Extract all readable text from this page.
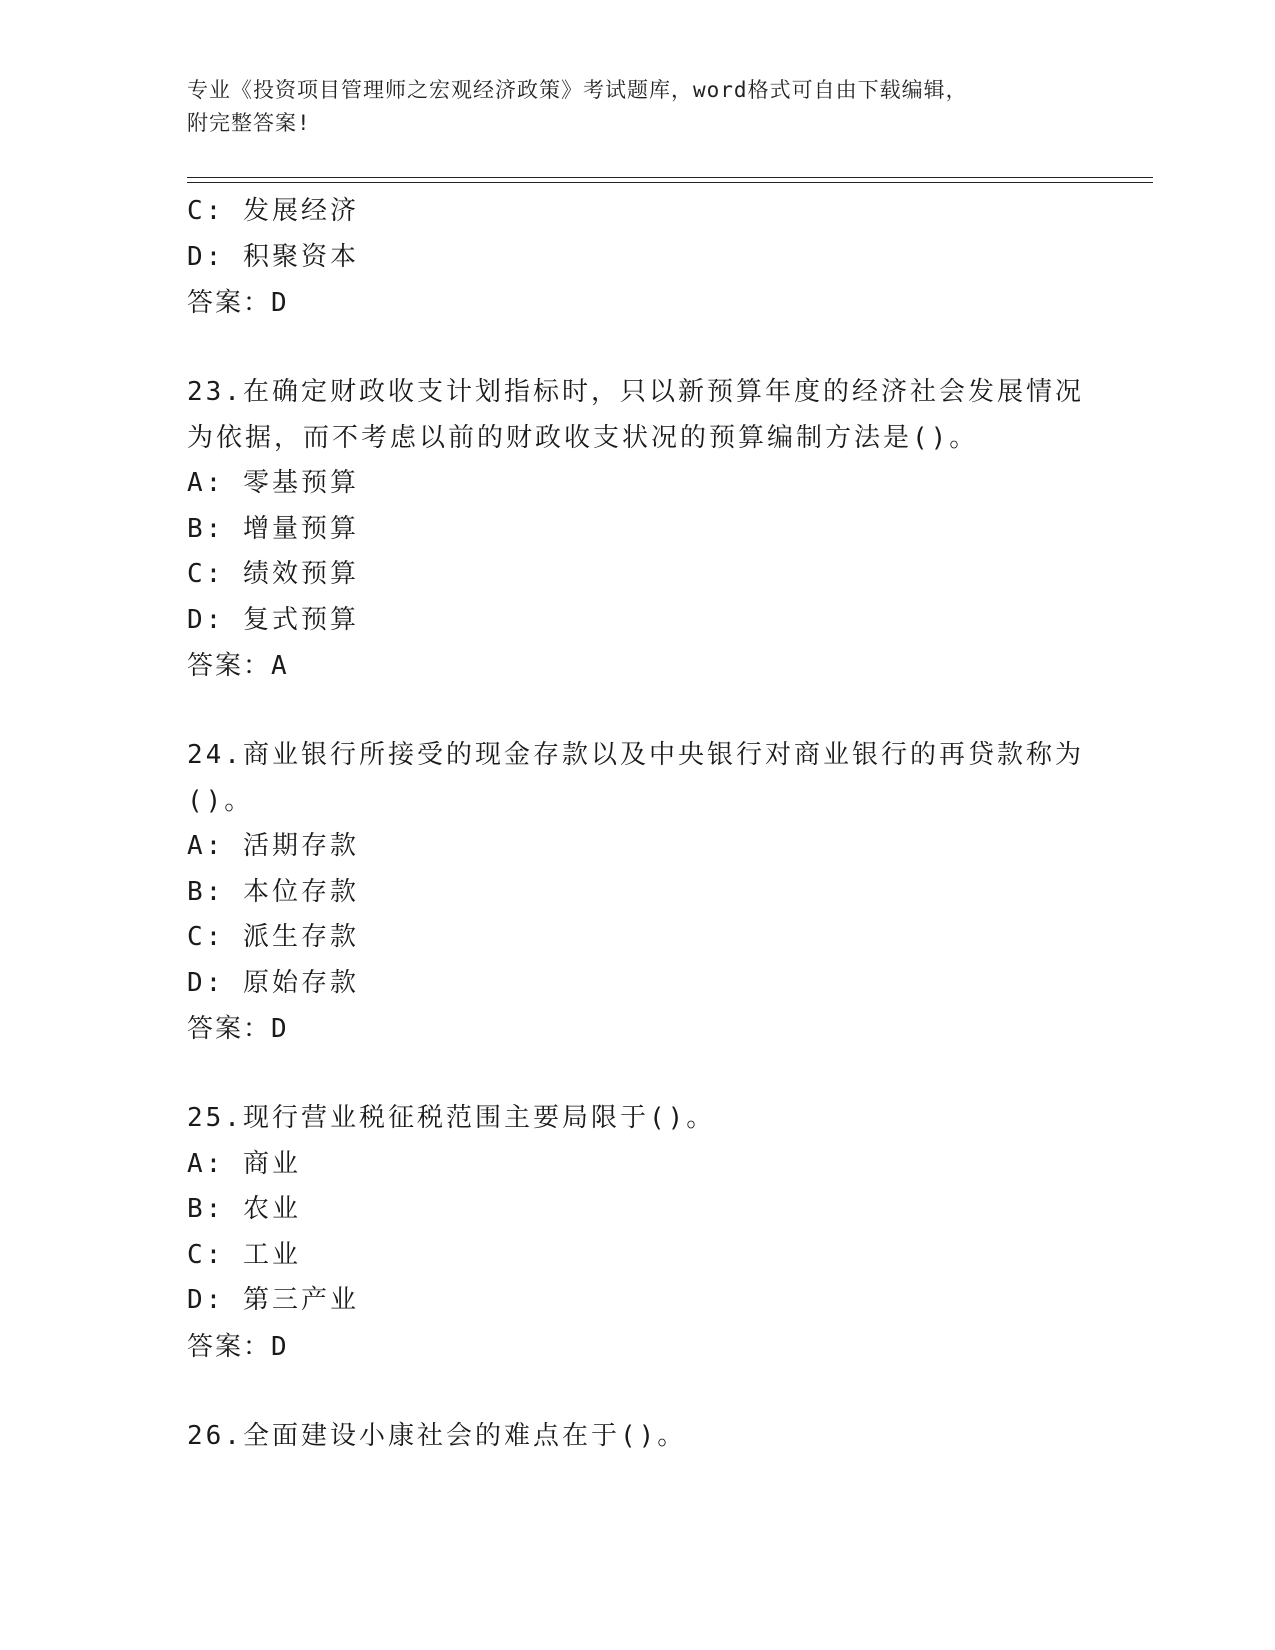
专业《投资项目管理师之宏观经济政策》考试题库，word格式可自由下载编辑，
附完整答案!
C: 发展经济
D: 积聚资本
答案：D
23.在确定财政收支计划指标时，只以新预算年度的经济社会发展情况
为依据，而不考虑以前的财政收支状况的预算编制方法是()。
A: 零基预算
B: 增量预算
C: 绩效预算
D: 复式预算
答案：A
24.商业银行所接受的现金存款以及中央银行对商业银行的再贷款称为
()。
A: 活期存款
B: 本位存款
C: 派生存款
D: 原始存款
答案：D
25.现行营业税征税范围主要局限于()。
A: 商业
B: 农业
C: 工业
D: 第三产业
答案：D
26.全面建设小康社会的难点在于()。
